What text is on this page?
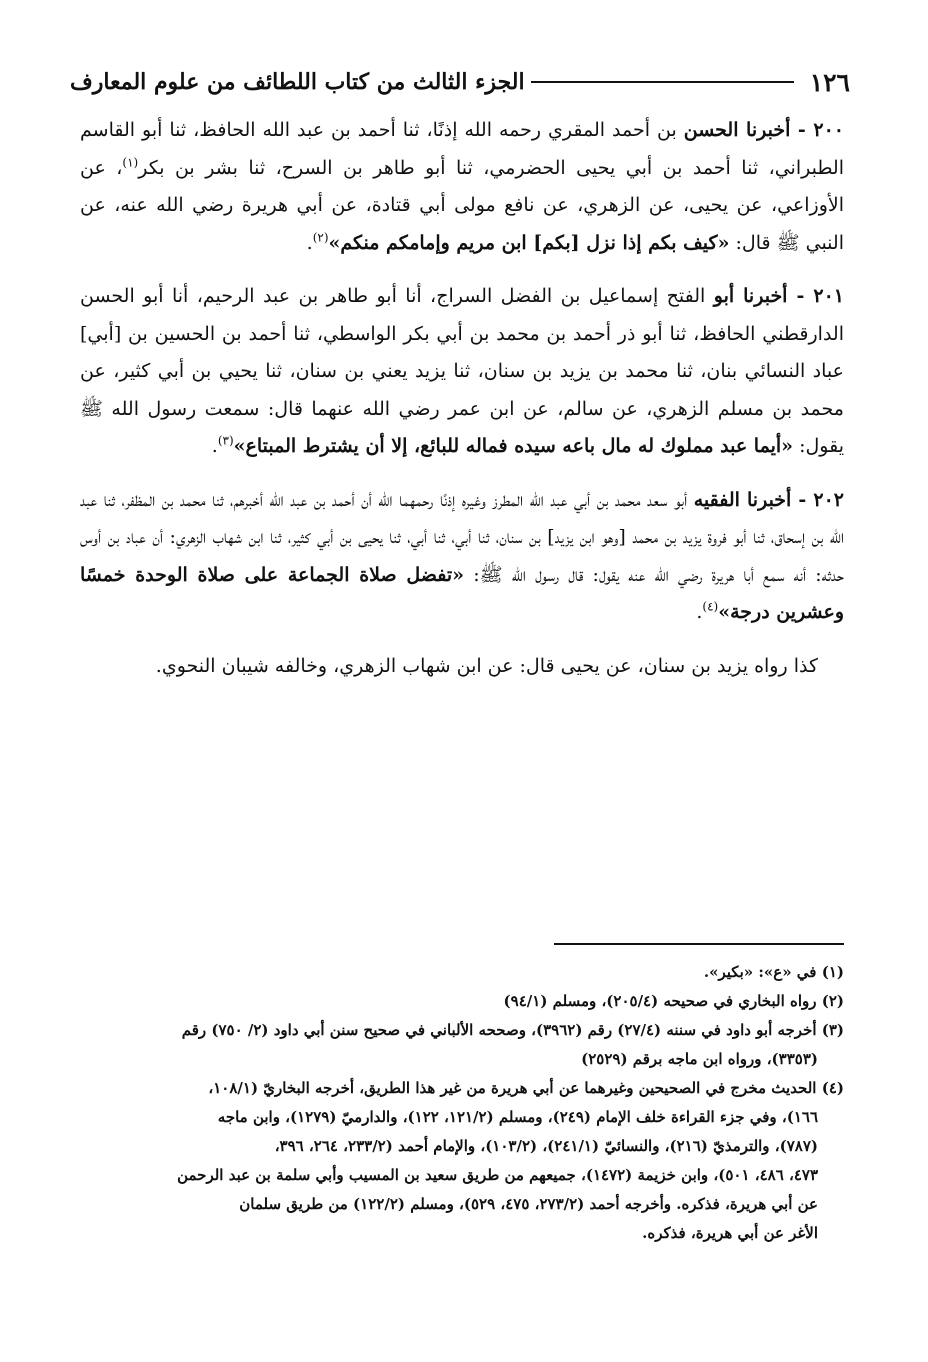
١٢٦
الجزء الثالث من كتاب اللطائف من علوم المعارف

٢٠٠ - أخبرنا الحسن بن أحمد المقري رحمه الله إذنًا، ثنا أحمد بن عبد الله الحافظ، ثنا أبو القاسم الطبراني، ثنا أحمد بن أبي يحيى الحضرمي، ثنا أبو طاهر بن السرح، ثنا بشر بن بكر$^{(١)}$، عن الأوزاعي، عن يحيى، عن الزهري، عن نافع مولى أبي قتادة، عن أبي هريرة رضي الله عنه، عن النبي ﷺ قال: «كيف بكم إذا نزل [بكم] ابن مريم وإمامكم منكم»$^{(٢)}$.

٢٠١ - أخبرنا أبو الفتح إسماعيل بن الفضل السراج، أنا أبو طاهر بن عبد الرحيم، أنا أبو الحسن الدارقطني الحافظ، ثنا أبو ذر أحمد بن محمد بن أبي بكر الواسطي، ثنا أحمد بن الحسين بن [أبي] عباد النسائي بنان، ثنا محمد بن يزيد بن سنان، ثنا يزيد يعني بن سنان، ثنا يحيي بن أبي كثير، عن محمد بن مسلم الزهري، عن سالم، عن ابن عمر رضي الله عنهما قال: سمعت رسول الله ﷺ يقول: «أيما عبد مملوك له مال باعه سيده فماله للبائع، إلا أن يشترط المبتاع»$^{(٣)}$.

٢٠٢ - أخبرنا الفقيه أبو سعد محمد بن أبي عبد الله المطرز وغيره إذنًا رحمهما الله أن أحمد بن عبد الله أخبرهم، ثنا محمد بن المظفر، ثنا عبد الله بن إسحاق، ثنا أبو فروة يزيد بن محمد [وهو ابن يزيد] بن سنان، ثنا أبي، ثنا أبي، ثنا يحيى بن أبي كثير، ثنا ابن شهاب الزهري: أن عباد بن أوس حدثه: أنه سمع أبا هريرة رضي الله عنه يقول: قال رسول الله ﷺ: «تفضل صلاة الجماعة على صلاة الوحدة خمسًا وعشرين درجة»$^{(٤)}$.

كذا رواه يزيد بن سنان، عن يحيى قال: عن ابن شهاب الزهري، وخالفه شيبان النحوي.

(١) في «ع»: «بكير».

(٢) رواه البخاري في صحيحه (٢٠٥/٤)، ومسلم (٩٤/١)

(٣) أخرجه أبو داود في سننه (٢٧/٤) رقم (٣٩٦٢)، وصححه الألباني في صحيح سنن أبي داود (٢/ ٧٥٠) رقم
(٣٣٥٣)، ورواه ابن ماجه برقم (٢٥٢٩)

(٤) الحديث مخرج في الصحيحين وغيرهما عن أبي هريرة من غير هذا الطريق، أخرجه البخاريّ (١٠٨/١،
١٦٦)، وفي جزء القراءة خلف الإمام (٢٤٩)، ومسلم (١٢١/٢، ١٢٢)، والدارميّ (١٢٧٩)، وابن ماجه
(٧٨٧)، والترمذيّ (٢١٦)، والنسائيّ (٢٤١/١)، (١٠٣/٢)، والإمام أحمد (٢٣٣/٢، ٢٦٤، ٣٩٦،
٤٧٣، ٤٨٦، ٥٠١)، وابن خزيمة (١٤٧٢)، جميعهم من طريق سعيد بن المسيب وأبي سلمة بن عبد الرحمن
عن أبي هريرة، فذكره. وأخرجه أحمد (٢٧٣/٢، ٤٧٥، ٥٢٩)، ومسلم (١٢٢/٢) من طريق سلمان
الأغر عن أبي هريرة، فذكره.
